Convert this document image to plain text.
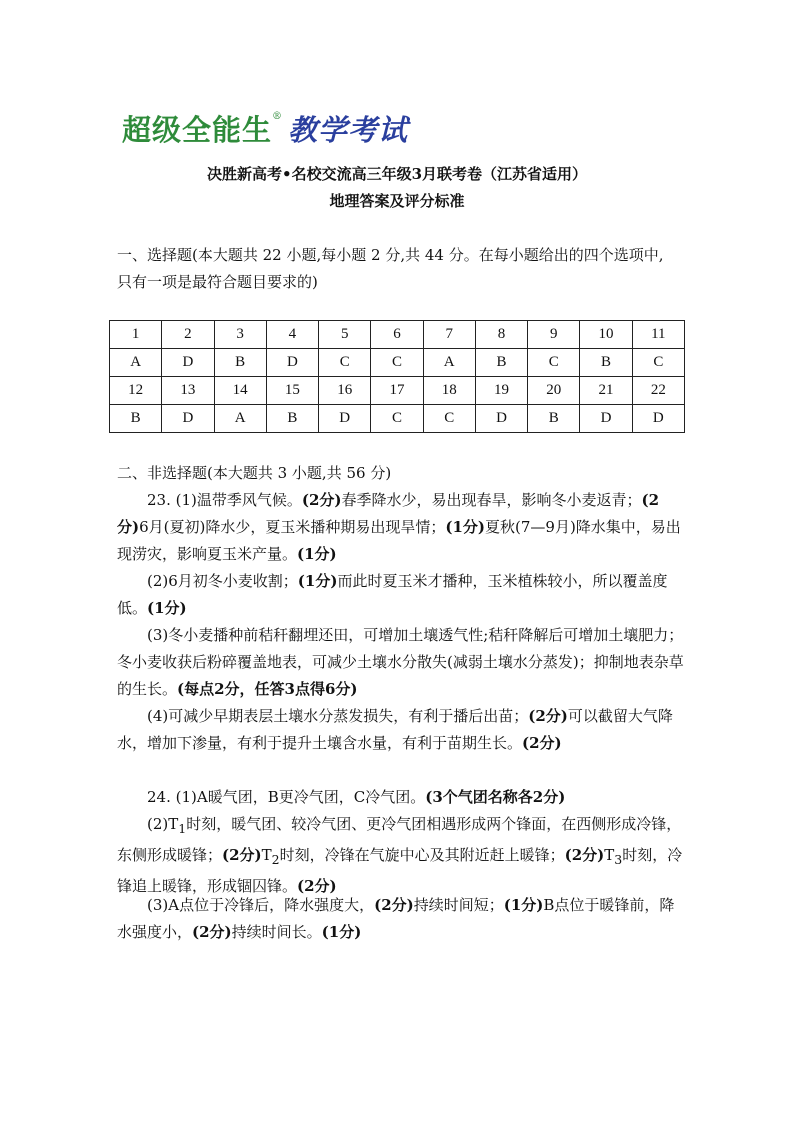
超级全能生 ® 教学考试
决胜新高考•名校交流高三年级3月联考卷（江苏省适用）
地理答案及评分标准
一、选择题(本大题共 22 小题,每小题 2 分,共 44 分。在每小题给出的四个选项中,
只有一项是最符合题目要求的)
1	2	3	4	5	6	7	8	9	10	11
A	D	B	D	C	C	A	B	C	B	C
12	13	14	15	16	17	18	19	20	21	22
B	D	A	B	D	C	C	D	B	D	D
二、非选择题(本大题共 3 小题,共 56 分)
23. (1)温带季风气候。(2分)春季降水少，易出现春旱，影响冬小麦返青；(2分)6月(夏初)降水少，夏玉米播种期易出现旱情；(1分)夏秋(7—9月)降水集中，易出现涝灾，影响夏玉米产量。(1分)
(2)6月初冬小麦收割；(1分)而此时夏玉米才播种，玉米植株较小，所以覆盖度低。(1分)
(3)冬小麦播种前秸秆翻埋还田，可增加土壤透气性;秸秆降解后可增加土壤肥力；冬小麦收获后粉碎覆盖地表，可减少土壤水分散失(减弱土壤水分蒸发)；抑制地表杂草的生长。(每点2分，任答3点得6分)
(4)可减少早期表层土壤水分蒸发损失，有利于播后出苗；(2分)可以截留大气降水，增加下渗量，有利于提升土壤含水量，有利于苗期生长。(2分)
24. (1)A暖气团，B更冷气团，C冷气团。(3个气团名称各2分)
$(2)T_1$时刻，暖气团、较冷气团、更冷气团相遇形成两个锋面，在西侧形成冷锋，东侧形成暖锋；(2分)$T_2$时刻，冷锋在气旋中心及其附近赶上暖锋；(2分)$T_3$时刻，冷锋追上暖锋，形成锢囚锋。(2分)
(3)A点位于冷锋后，降水强度大，(2分)持续时间短；(1分)B点位于暖锋前，降水强度小，(2分)持续时间长。(1分)
